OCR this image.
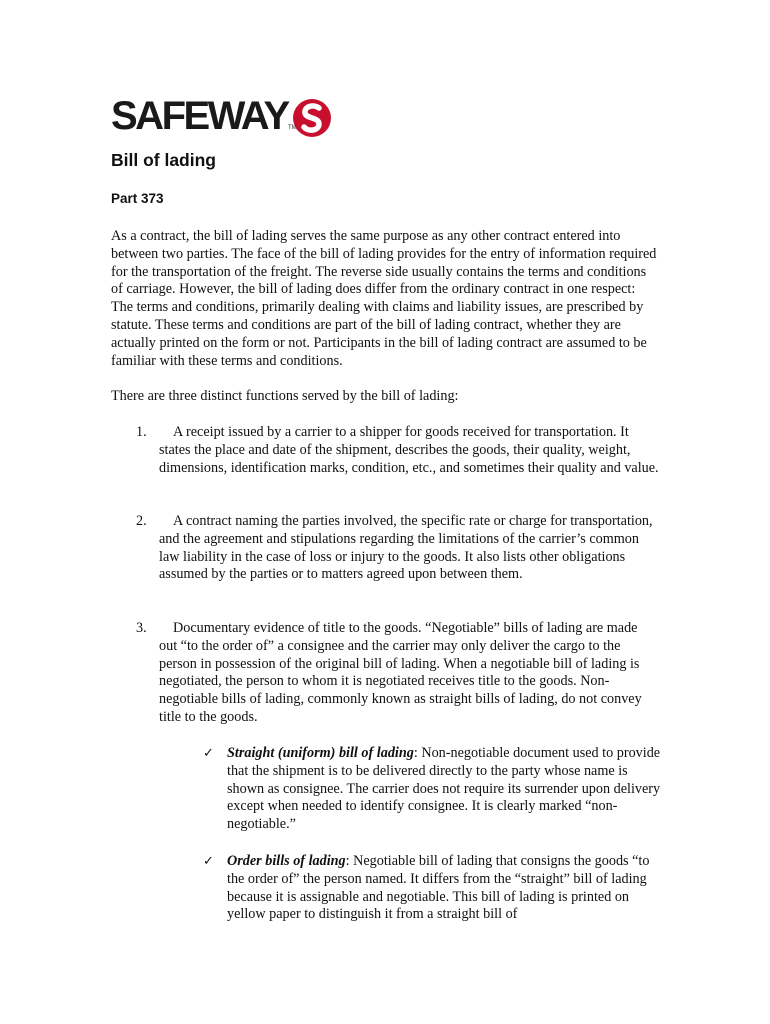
SAFEWAY TM
Bill of lading
Part 373

As a contract, the bill of lading serves the same purpose as any other contract entered into between two parties. The face of the bill of lading provides for the entry of information required for the transportation of the freight. The reverse side usually contains the terms and conditions of carriage. However, the bill of lading does differ from the ordinary contract in one respect: The terms and conditions, primarily dealing with claims and liability issues, are prescribed by statute. These terms and conditions are part of the bill of lading contract, whether they are actually printed on the form or not. Participants in the bill of lading contract are assumed to be familiar with these terms and conditions.

There are three distinct functions served by the bill of lading:

1.	A receipt issued by a carrier to a shipper for goods received for transportation. It states the place and date of the shipment, describes the goods, their quality, weight, dimensions, identification marks, condition, etc., and sometimes their quality and value.

2.	A contract naming the parties involved, the specific rate or charge for transportation, and the agreement and stipulations regarding the limitations of the carrier’s common law liability in the case of loss or injury to the goods. It also lists other obligations assumed by the parties or to matters agreed upon between them.

3.	Documentary evidence of title to the goods. “Negotiable” bills of lading are made out “to the order of” a consignee and the carrier may only deliver the cargo to the person in possession of the original bill of lading. When a negotiable bill of lading is negotiated, the person to whom it is negotiated receives title to the goods. Non-negotiable bills of lading, commonly known as straight bills of lading, do not convey title to the goods.

✓ Straight (uniform) bill of lading: Non-negotiable document used to provide that the shipment is to be delivered directly to the party whose name is shown as consignee. The carrier does not require its surrender upon delivery except when needed to identify consignee. It is clearly marked “non-negotiable.”

✓ Order bills of lading: Negotiable bill of lading that consigns the goods “to the order of” the person named. It differs from the “straight” bill of lading because it is assignable and negotiable. This bill of lading is printed on yellow paper to distinguish it from a straight bill of
